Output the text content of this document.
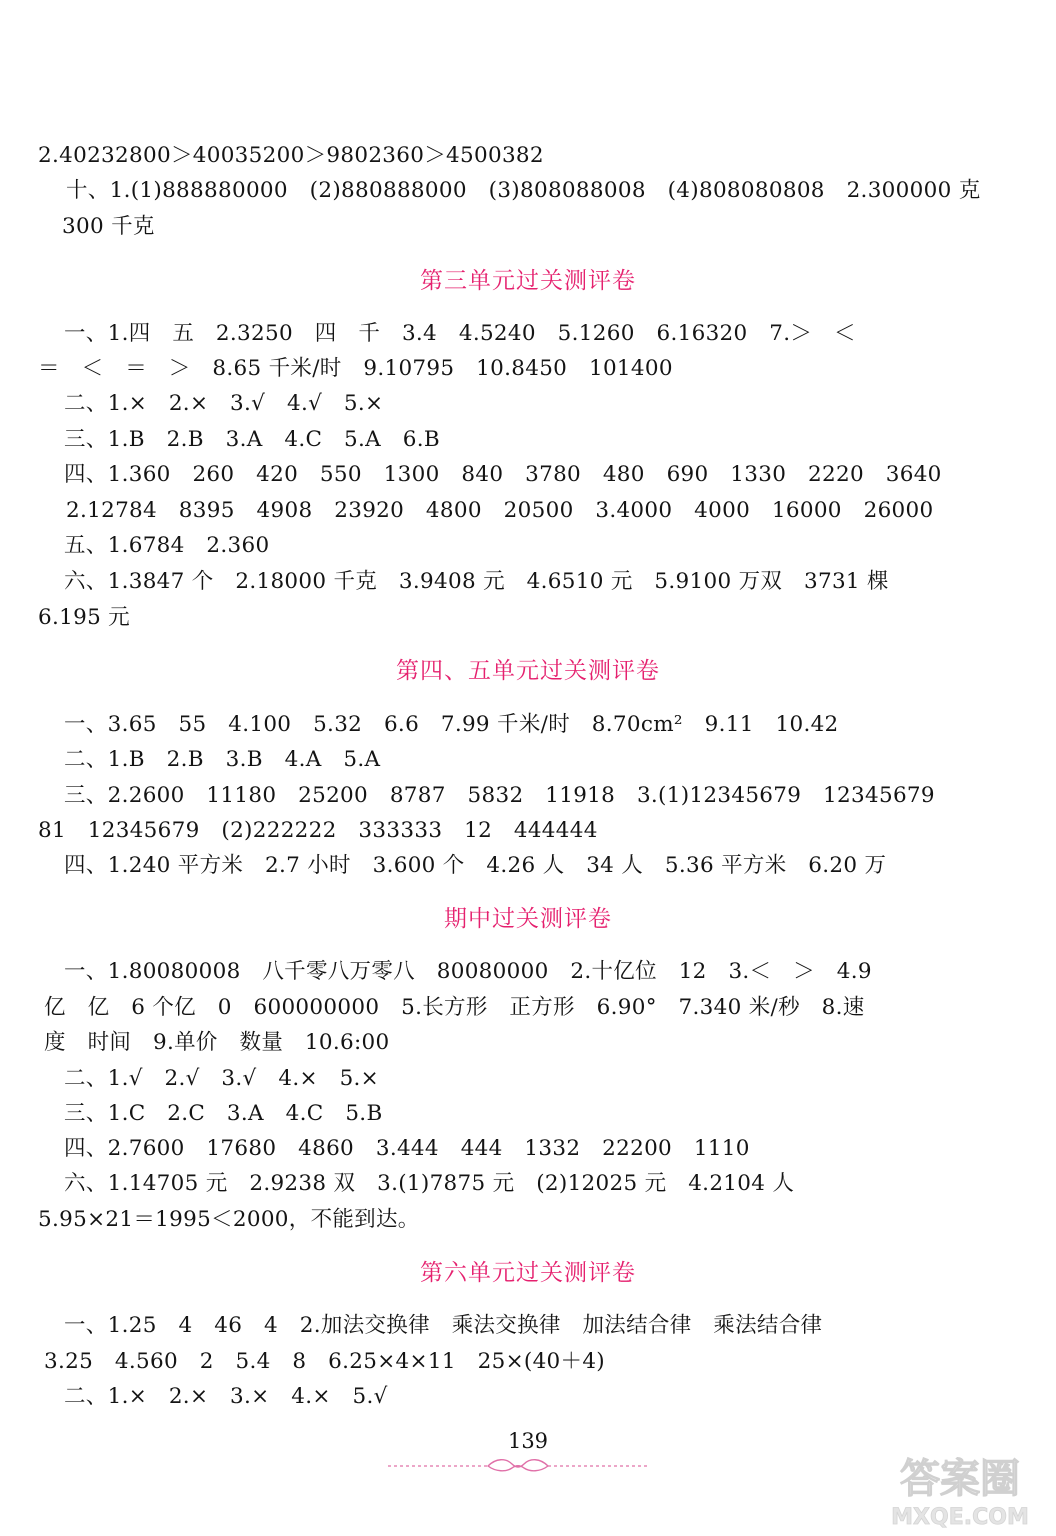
2.40232800＞40035200＞9802360＞4500382
十、1.(1)888880000　(2)880888000　(3)808088008　(4)808080808　2.300000 克
300 千克
第三单元过关测评卷
一、1.四　五　2.3250　四　千　3.4　4.5240　5.1260　6.16320　7.＞　＜
＝　＜　＝　＞　8.65 千米/时　9.10795　10.8450　101400
二、1.×　2.×　3.√　4.√　5.×
三、1.B　2.B　3.A　4.C　5.A　6.B
四、1.360　260　420　550　1300　840　3780　480　690　1330　2220　3640
2.12784　8395　4908　23920　4800　20500　3.4000　4000　16000　26000
五、1.6784　2.360
六、1.3847 个　2.18000 千克　3.9408 元　4.6510 元　5.9100 万双　3731 棵
6.195 元
第四、五单元过关测评卷
一、3.65　55　4.100　5.32　6.6　7.99 千米/时　8.70cm²　9.11　10.42
二、1.B　2.B　3.B　4.A　5.A
三、2.2600　11180　25200　8787　5832　11918　3.(1)12345679　12345679
81　12345679　(2)222222　333333　12　444444
四、1.240 平方米　2.7 小时　3.600 个　4.26 人　34 人　5.36 平方米　6.20 万
期中过关测评卷
一、1.80080008　八千零八万零八　80080000　2.十亿位　12　3.＜　＞　4.9
亿　亿　6 个亿　0　600000000　5.长方形　正方形　6.90°　7.340 米/秒　8.速
度　时间　9.单价　数量　10.6:00
二、1.√　2.√　3.√　4.×　5.×
三、1.C　2.C　3.A　4.C　5.B
四、2.7600　17680　4860　3.444　444　1332　22200　1110
六、1.14705 元　2.9238 双　3.(1)7875 元　(2)12025 元　4.2104 人
5.95×21＝1995＜2000，不能到达。
第六单元过关测评卷
一、1.25　4　46　4　2.加法交换律　乘法交换律　加法结合律　乘法结合律
3.25　4.560　2　5.4　8　6.25×4×11　25×(40＋4)
二、1.×　2.×　3.×　4.×　5.√
139
答案圈
MXQE.COM
